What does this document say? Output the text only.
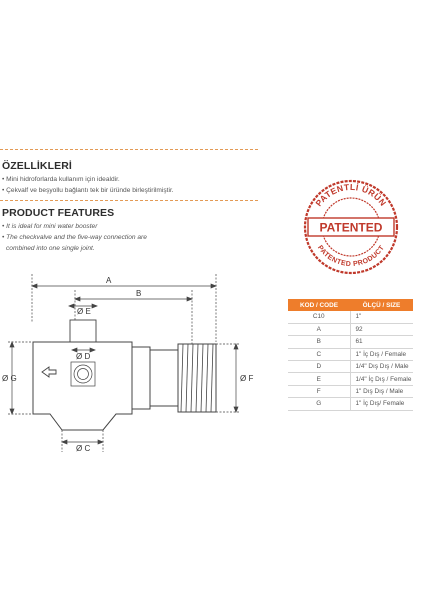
ÖZELLİKLERİ
• Mini hidroforlarda kullanım için idealdir.
• Çekvalf ve beşyollu bağlantı tek bir üründe birleştirilmiştir.
PRODUCT FEATURES
• It is ideal for mini water booster
• The checkvalve and the five-way connection are
combined into one single joint.
PATENTLİ ÜRÜN
PATENTED
PATENTED PRODUCT
A
B
Ø E
Ø D
Ø G	Ø F
Ø C
KOD / CODE	ÖLÇÜ / SIZE
C10	1"
A	92
B	61
C	1" İç Dış / Female
D	1/4" Dış Dış / Male
E	1/4" İç Dış / Female
F	1" Dış Dış / Male
G	1" İç Dış/ Female
